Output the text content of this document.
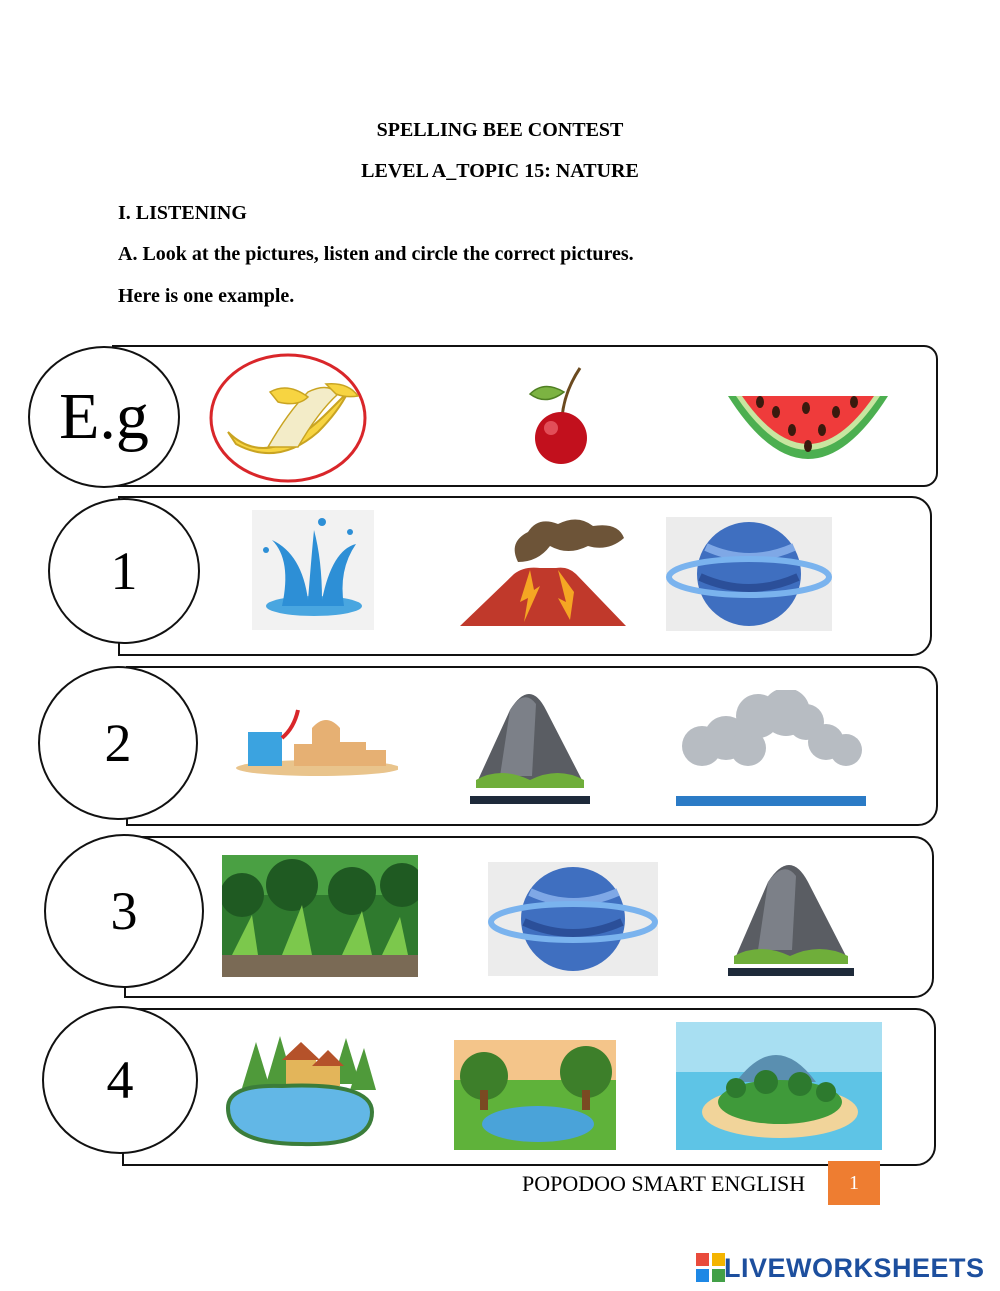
SPELLING BEE CONTEST
LEVEL A_TOPIC 15: NATURE
I. LISTENING
A. Look at the pictures, listen and circle the correct pictures.
Here is one example.
E.g
1
2
3
4
POPODOO SMART ENGLISH 1
LIVEWORKSHEETS
